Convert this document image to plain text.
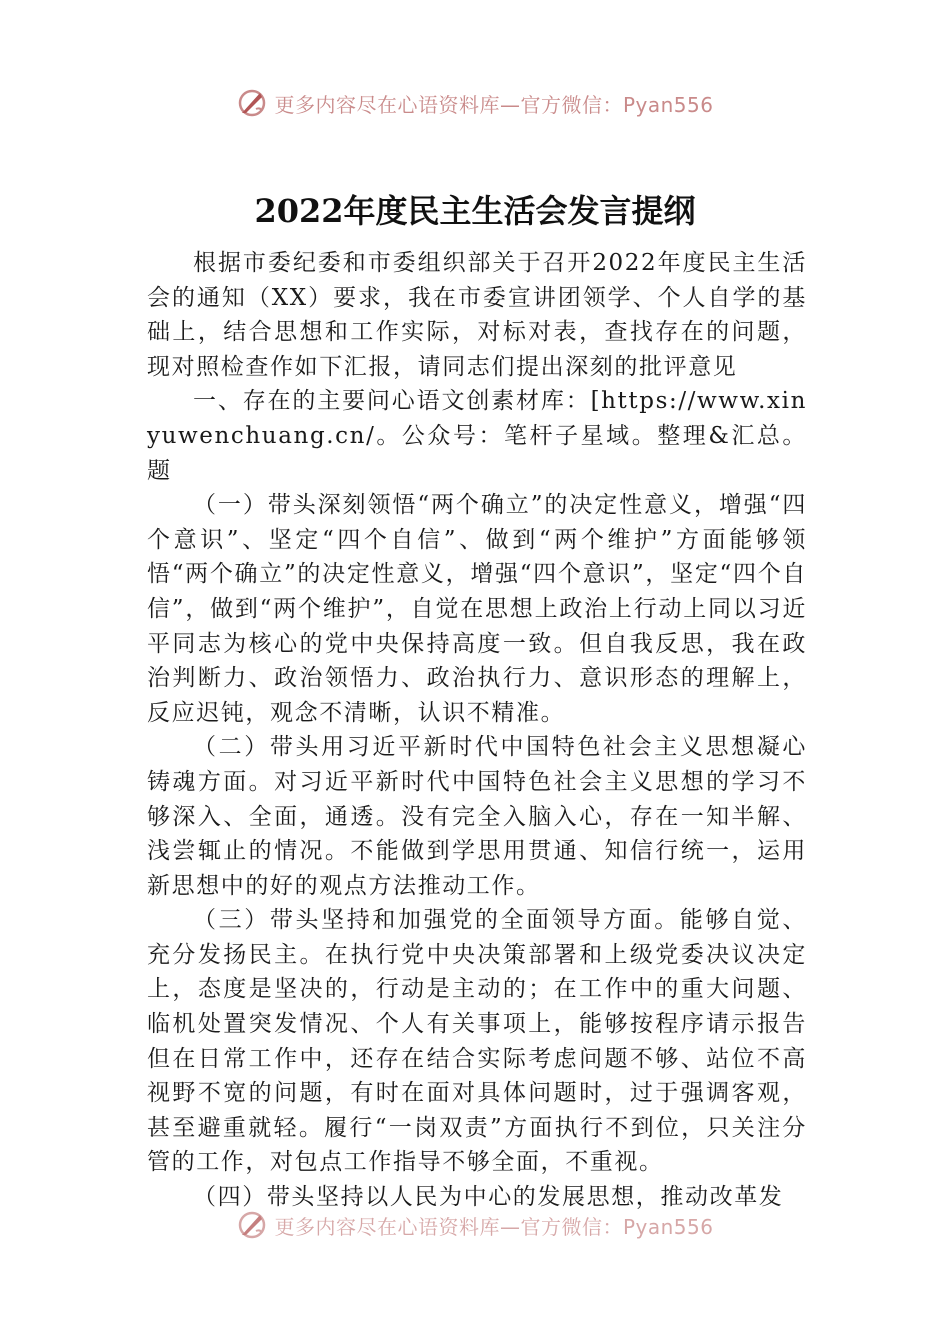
更多内容尽在心语资料库—官方微信：Pyan556
2022年度民主生活会发言提纲

根据市委纪委和市委组织部关于召开2022年度民主生活会的通知（XX）要求，我在市委宣讲团领学、个人自学的基础上，结合思想和工作实际，对标对表，查找存在的问题，现对照检查作如下汇报，请同志们提出深刻的批评意见

一、存在的主要问心语文创素材库：[https://www.xinyuwenchuang.cn/。公众号：笔杆子星域。整理&汇总。题

（一）带头深刻领悟“两个确立”的决定性意义，增强“四个意识”、坚定“四个自信”、做到“两个维护”方面能够领悟“两个确立”的决定性意义，增强“四个意识”，坚定“四个自信”，做到“两个维护”，自觉在思想上政治上行动上同以习近平同志为核心的党中央保持高度一致。但自我反思，我在政治判断力、政治领悟力、政治执行力、意识形态的理解上，反应迟钝，观念不清晰，认识不精准。

（二）带头用习近平新时代中国特色社会主义思想凝心铸魂方面。对习近平新时代中国特色社会主义思想的学习不够深入、全面，通透。没有完全入脑入心，存在一知半解、浅尝辄止的情况。不能做到学思用贯通、知信行统一，运用新思想中的好的观点方法推动工作。

（三）带头坚持和加强党的全面领导方面。能够自觉、充分发扬民主。在执行党中央决策部署和上级党委决议决定上，态度是坚决的，行动是主动的；在工作中的重大问题、临机处置突发情况、个人有关事项上，能够按程序请示报告但在日常工作中，还存在结合实际考虑问题不够、站位不高视野不宽的问题，有时在面对具体问题时，过于强调客观，甚至避重就轻。履行“一岗双责”方面执行不到位，只关注分管的工作，对包点工作指导不够全面，不重视。

（四）带头坚持以人民为中心的发展思想，推动改革发

更多内容尽在心语资料库—官方微信：Pyan556
